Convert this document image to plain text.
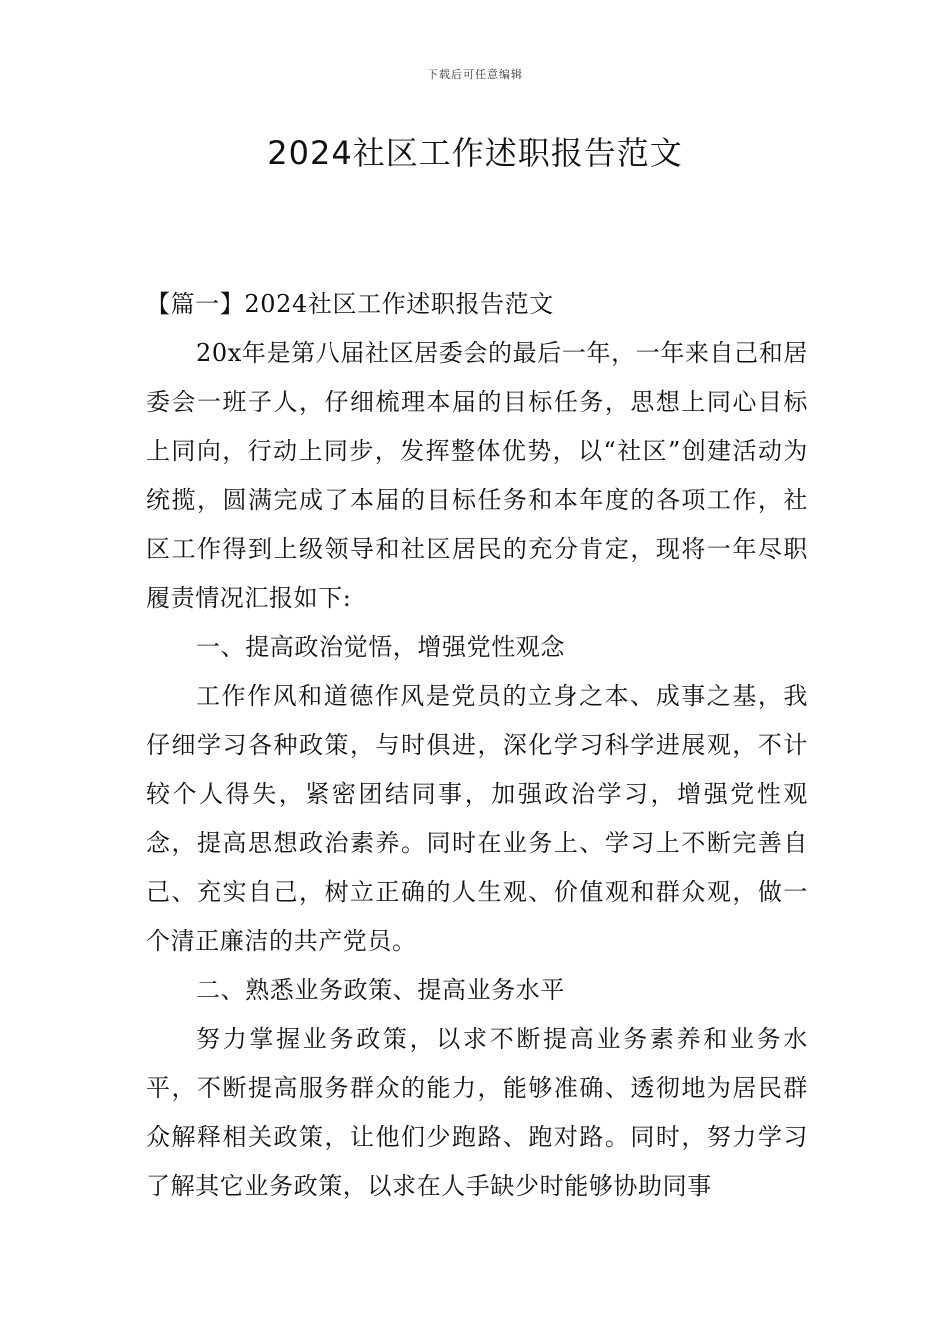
下载后可任意编辑
2024社区工作述职报告范文

【篇一】2024社区工作述职报告范文

20x年是第八届社区居委会的最后一年，一年来自己和居委会一班子人，仔细梳理本届的目标任务，思想上同心目标上同向，行动上同步，发挥整体优势，以“社区”创建活动为统揽，圆满完成了本届的目标任务和本年度的各项工作，社区工作得到上级领导和社区居民的充分肯定，现将一年尽职履责情况汇报如下:

一、提高政治觉悟，增强党性观念

工作作风和道德作风是党员的立身之本、成事之基，我仔细学习各种政策，与时俱进，深化学习科学进展观，不计较个人得失，紧密团结同事，加强政治学习，增强党性观念，提高思想政治素养。同时在业务上、学习上不断完善自己、充实自己，树立正确的人生观、价值观和群众观，做一个清正廉洁的共产党员。

二、熟悉业务政策、提高业务水平

努力掌握业务政策，以求不断提高业务素养和业务水平，不断提高服务群众的能力，能够准确、透彻地为居民群众解释相关政策，让他们少跑路、跑对路。同时，努力学习了解其它业务政策，以求在人手缺少时能够协助同事
